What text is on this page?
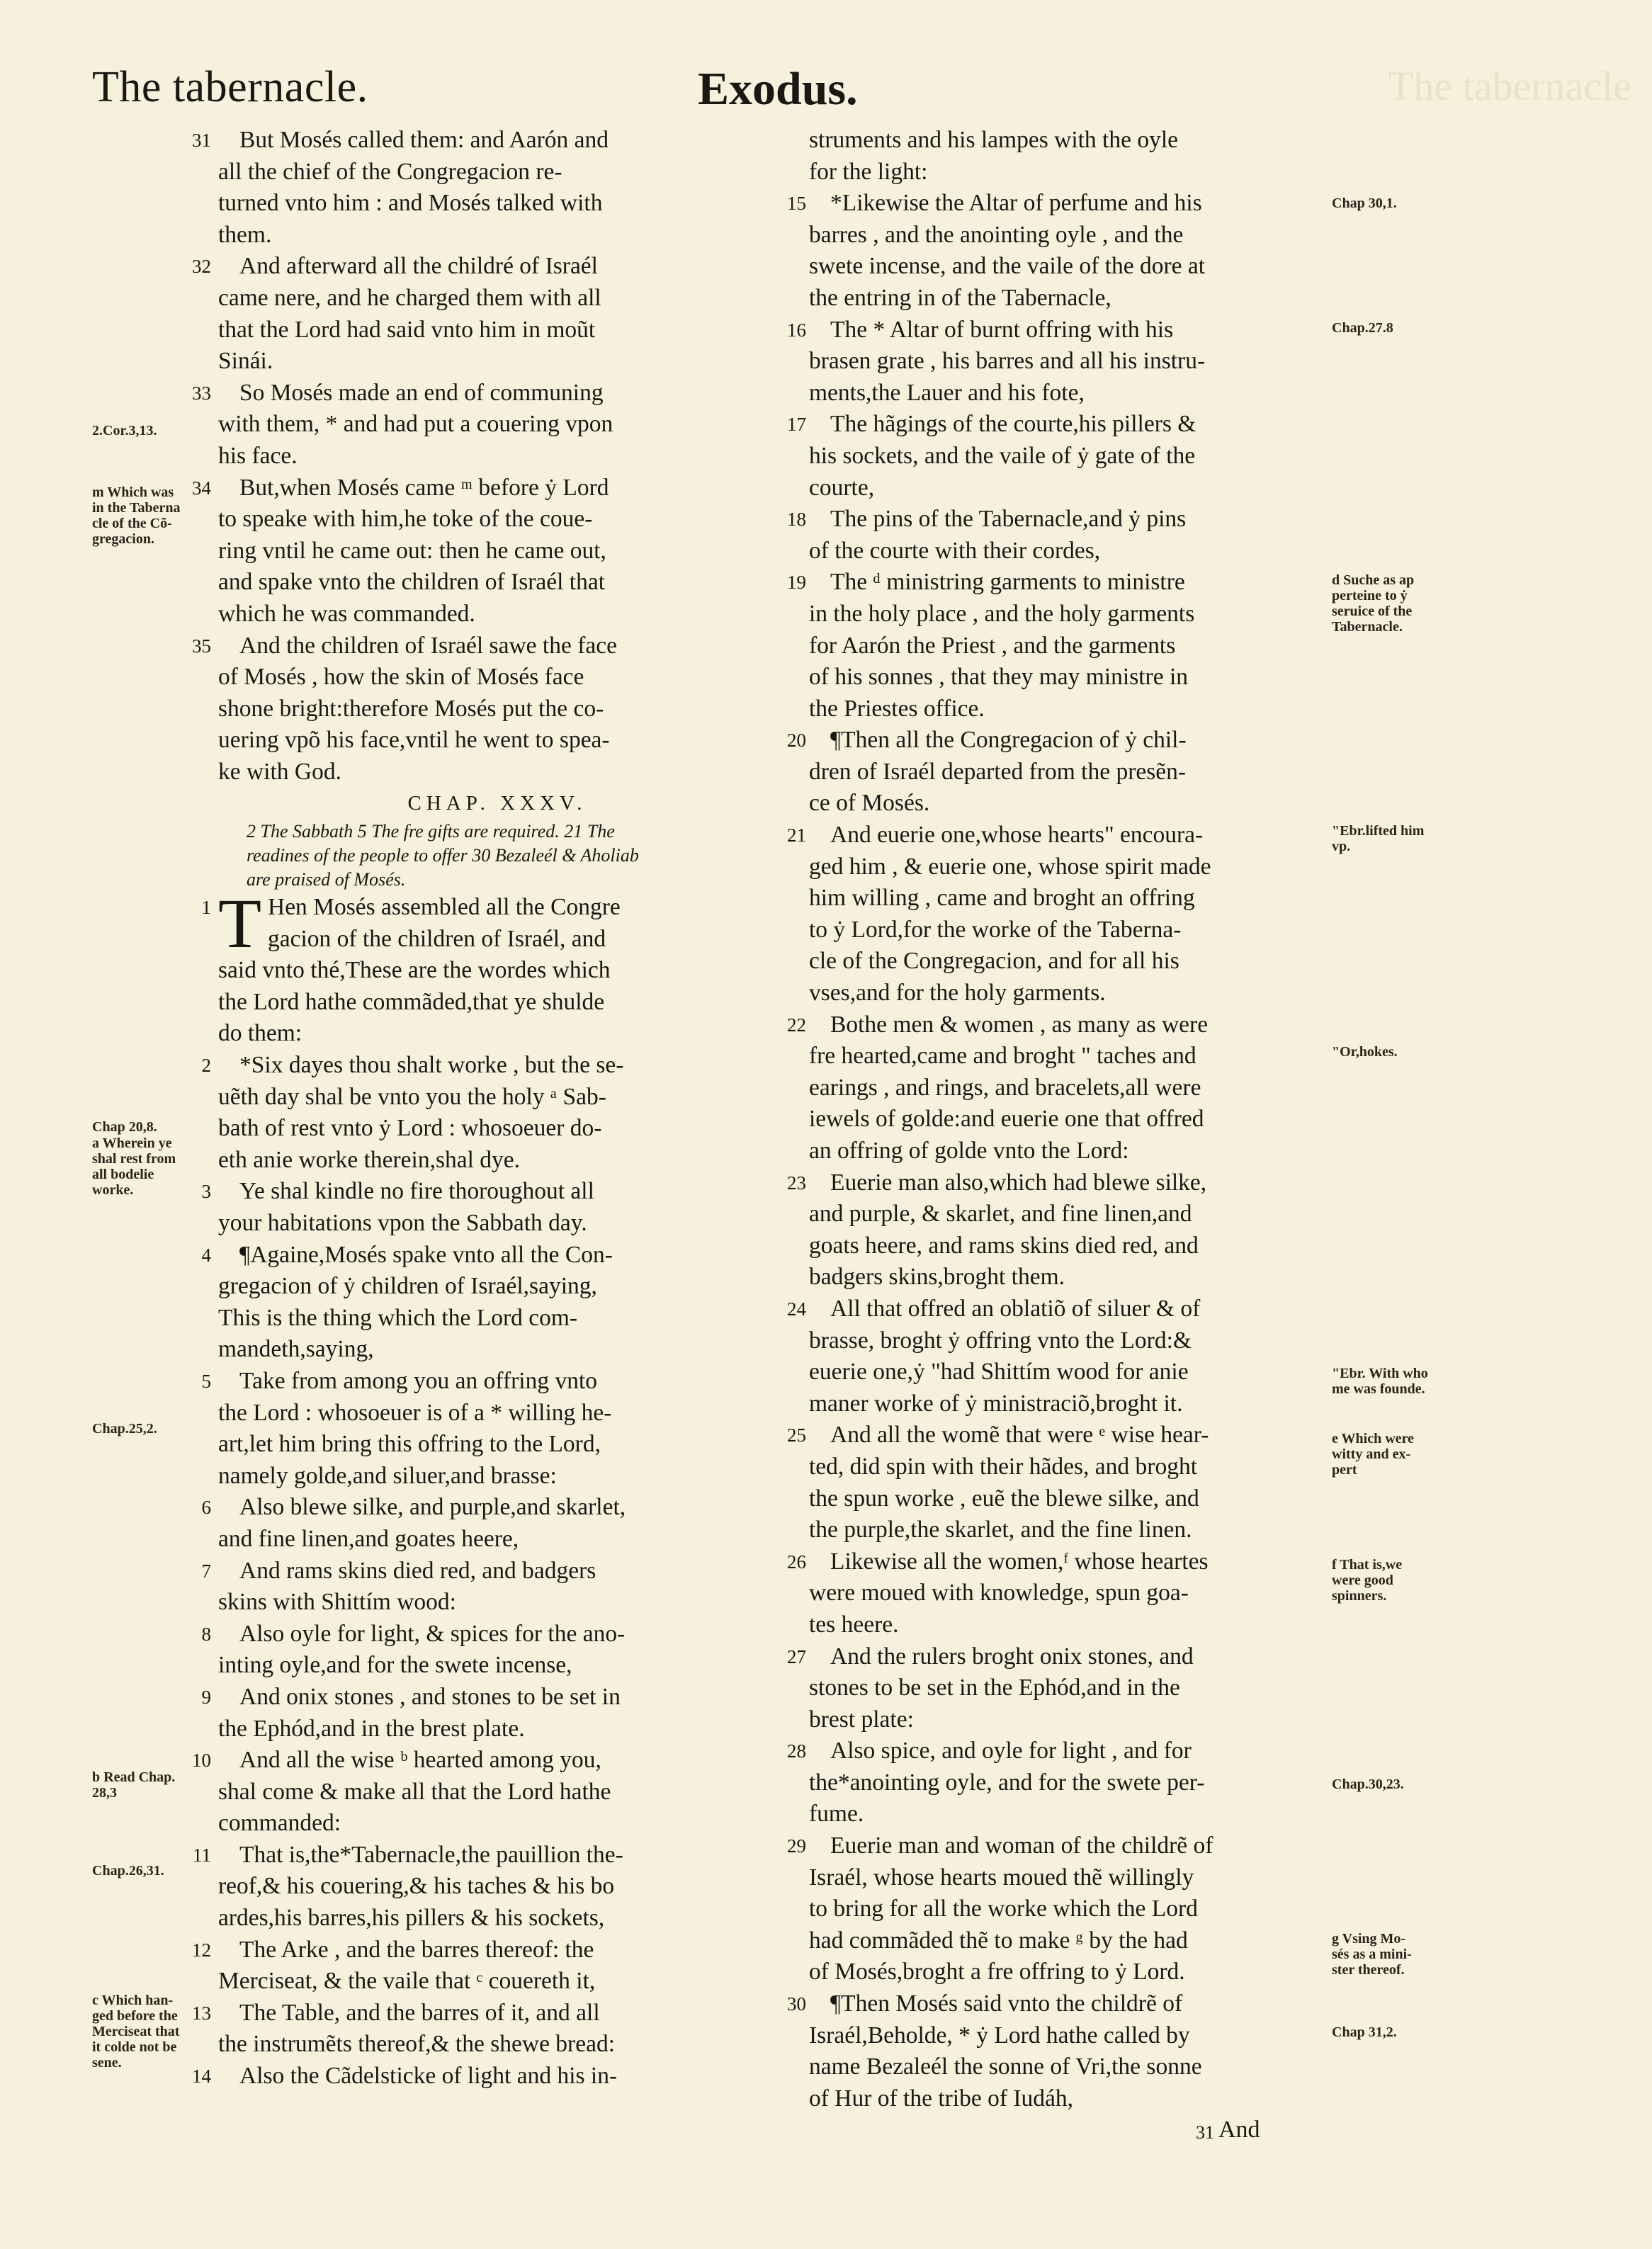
The tabernacle
The tabernacle.	Exodus.
31	But Mosés called them: and Aarón and
all the chief of the Congregacion re-
turned vnto him : and Mosés talked with
them.
32	And afterward all the childré of Israél
came nere, and he charged them with all
that the Lord had said vnto him in moũt
Sinái.
33	So Mosés made an end of communing
with them, * and had put a couering vpon
his face.
34	But,when Mosés came ᵐ before ẏ Lord
to speake with him,he toke of the coue-
ring vntil he came out: then he came out,
and spake vnto the children of Israél that
which he was commanded.
35	And the children of Israél sawe the face
of Mosés , how the skin of Mosés face
shone bright:therefore Mosés put the co-
uering vpõ his face,vntil he went to spea-
ke with God.
CHAP. XXXV.
2 The Sabbath 5 The fre gifts are required. 21 The
readines of the people to offer 30 Bezaleél & Aholiab
are praised of Mosés.
1 T Hen Mosés assembled all the Congre
gacion of the children of Israél, and
said vnto thé,These are the wordes which
the Lord hathe commãded,that ye shulde
do them:
2	*Six dayes thou shalt worke , but the se-
uẽth day shal be vnto you the holy ᵃ Sab-
bath of rest vnto ẏ Lord : whosoeuer do-
eth anie worke therein,shal dye.
3	Ye shal kindle no fire thoroughout all
your habitations vpon the Sabbath day.
4	¶Againe,Mosés spake vnto all the Con-
gregacion of ẏ children of Israél,saying,
This is the thing which the Lord com-
mandeth,saying,
5	Take from among you an offring vnto
the Lord : whosoeuer is of a * willing he-
art,let him bring this offring to the Lord,
namely golde,and siluer,and brasse:
6	Also blewe silke, and purple,and skarlet,
and fine linen,and goates heere,
7	And rams skins died red, and badgers
skins with Shittím wood:
8	Also oyle for light, & spices for the ano-
inting oyle,and for the swete incense,
9	And onix stones , and stones to be set in
the Ephód,and in the brest plate.
10	And all the wise ᵇ hearted among you,
shal come & make all that the Lord hathe
commanded:
11	That is,the*Tabernacle,the pauillion the-
reof,& his couering,& his taches & his bo
ardes,his barres,his pillers & his sockets,
12	The Arke , and the barres thereof: the
Merciseat, & the vaile that ᶜ couereth it,
13	The Table, and the barres of it, and all
the instrumẽts thereof,& the shewe bread:
14	Also the Cãdelsticke of light and his in-
struments and his lampes with the oyle
for the light:
15	*Likewise the Altar of perfume and his
barres , and the anointing oyle , and the
swete incense, and the vaile of the dore at
the entring in of the Tabernacle,
16	The * Altar of burnt offring with his
brasen grate , his barres and all his instru-
ments,the Lauer and his fote,
17	The hãgings of the courte,his pillers &
his sockets, and the vaile of ẏ gate of the
courte,
18	The pins of the Tabernacle,and ẏ pins
of the courte with their cordes,
19	The ᵈ ministring garments to ministre
in the holy place , and the holy garments
for Aarón the Priest , and the garments
of his sonnes , that they may ministre in
the Priestes office.
20	¶Then all the Congregacion of ẏ chil-
dren of Israél departed from the presẽn-
ce of Mosés.
21	And euerie one,whose hearts" encoura-
ged him , & euerie one, whose spirit made
him willing , came and broght an offring
to ẏ Lord,for the worke of the Taberna-
cle of the Congregacion, and for all his
vses,and for the holy garments.
22	Bothe men & women , as many as were
fre hearted,came and broght " taches and
earings , and rings, and bracelets,all were
iewels of golde:and euerie one that offred
an offring of golde vnto the Lord:
23	Euerie man also,which had blewe silke,
and purple, & skarlet, and fine linen,and
goats heere, and rams skins died red, and
badgers skins,broght them.
24	All that offred an oblatiõ of siluer & of
brasse, broght ẏ offring vnto the Lord:&
euerie one,ẏ "had Shittím wood for anie
maner worke of ẏ ministraciõ,broght it.
25	And all the womẽ that were ᵉ wise hear-
ted, did spin with their hãdes, and broght
the spun worke , euẽ the blewe silke, and
the purple,the skarlet, and the fine linen.
26	Likewise all the women,ᶠ whose heartes
were moued with knowledge, spun goa-
tes heere.
27	And the rulers broght onix stones, and
stones to be set in the Ephód,and in the
brest plate:
28	Also spice, and oyle for light , and for
the*anointing oyle, and for the swete per-
fume.
29	Euerie man and woman of the childrẽ of
Israél, whose hearts moued thẽ willingly
to bring for all the worke which the Lord
had commãded thẽ to make ᵍ by the had
of Mosés,broght a fre offring to ẏ Lord.
30	¶Then Mosés said vnto the childrẽ of
Israél,Beholde, * ẏ Lord hathe called by
name Bezaleél the sonne of Vri,the sonne
of Hur of the tribe of Iudáh,
2.Cor.3,13.
m Which was
in the Taberna
cle of the Cõ-
gregacion.
Chap 20,8.
a Wherein ye
shal rest from
all bodelie
worke.
Chap.25,2.
b Read Chap.
28,3
Chap.26,31.
c Which han-
ged before the
Merciseat that
it colde not be
sene.
Chap 30,1.
Chap.27.8
d Suche as ap
perteine to ẏ
seruice of the
Tabernacle.
"Ebr.lifted him
vp.
"Or,hokes.
"Ebr. With who
me was founde.
e Which were
witty and ex-
pert
f That is,we
were good
spinners.
Chap.30,23.
g Vsing Mo-
sés as a mini-
ster thereof.
Chap 31,2.
31 And
